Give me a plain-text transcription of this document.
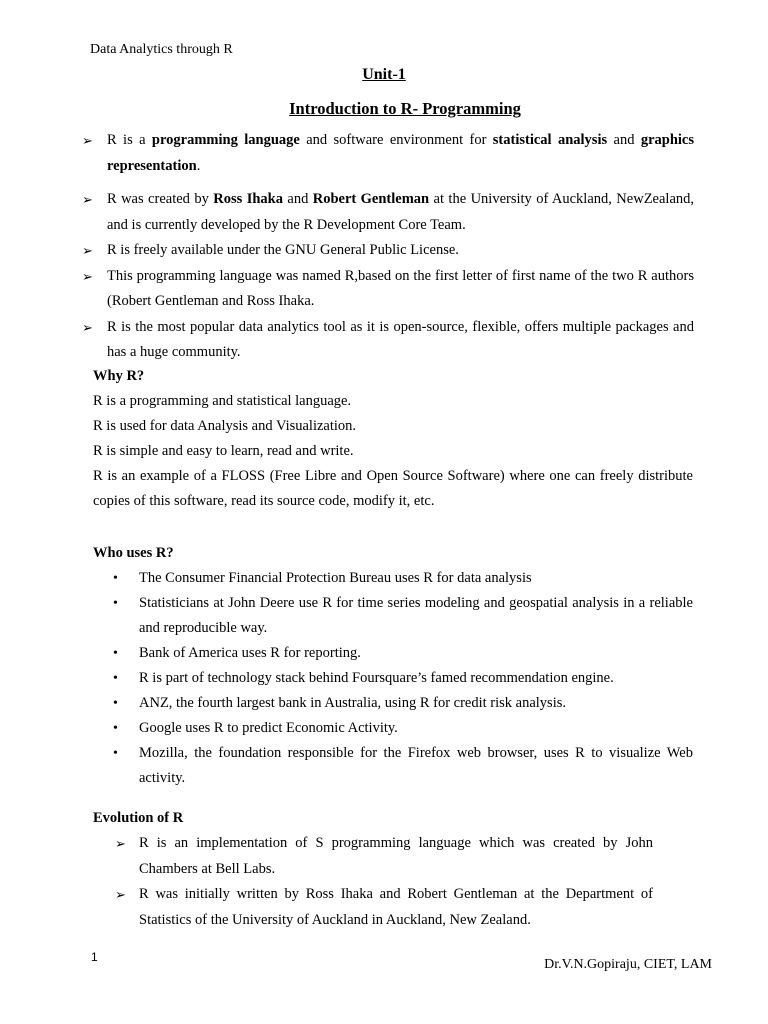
Data Analytics through R
Unit-1
Introduction to R- Programming
➢ R is a programming language and software environment for statistical analysis and graphics representation.
➢ R was created by Ross Ihaka and Robert Gentleman at the University of Auckland, NewZealand, and is currently developed by the R Development Core Team.
➢ R is freely available under the GNU General Public License.
➢ This programming language was named R,based on the first letter of first name of the two R authors (Robert Gentleman and Ross Ihaka.
➢ R is the most popular data analytics tool as it is open-source, flexible, offers multiple packages and has a huge community.
Why R?
R is a programming and statistical language.
R is used for data Analysis and Visualization.
R is simple and easy to learn, read and write.
R is an example of a FLOSS (Free Libre and Open Source Software) where one can freely distribute copies of this software, read its source code, modify it, etc.
Who uses R?
• The Consumer Financial Protection Bureau uses R for data analysis
• Statisticians at John Deere use R for time series modeling and geospatial analysis in a reliable and reproducible way.
• Bank of America uses R for reporting.
• R is part of technology stack behind Foursquare’s famed recommendation engine.
• ANZ, the fourth largest bank in Australia, using R for credit risk analysis.
• Google uses R to predict Economic Activity.
• Mozilla, the foundation responsible for the Firefox web browser, uses R to visualize Web activity.
Evolution of R
➢ R is an implementation of S programming language which was created by John Chambers at Bell Labs.
➢ R was initially written by Ross Ihaka and Robert Gentleman at the Department of Statistics of the University of Auckland in Auckland, New Zealand.
1	Dr.V.N.Gopiraju, CIET, LAM
